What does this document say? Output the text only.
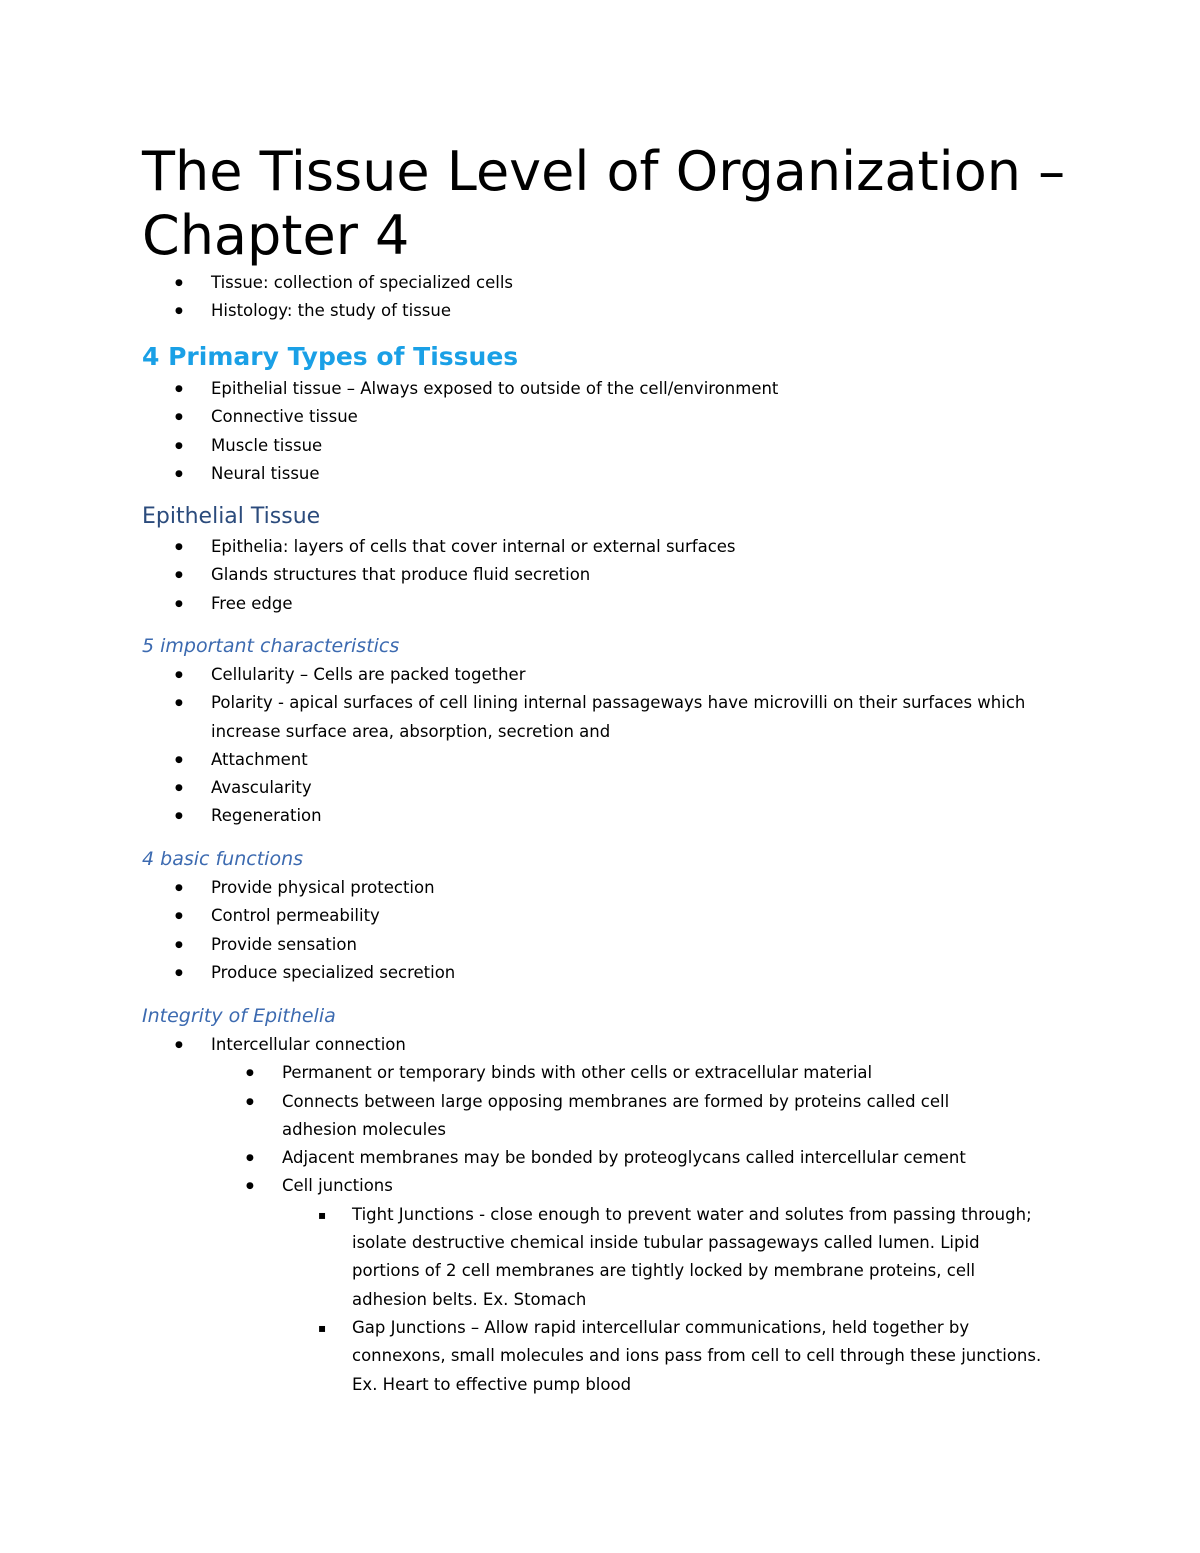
The Tissue Level of Organization – Chapter 4
● Tissue: collection of specialized cells
● Histology: the study of tissue
4 Primary Types of Tissues
● Epithelial tissue – Always exposed to outside of the cell/environment
● Connective tissue
● Muscle tissue
● Neural tissue
Epithelial Tissue
● Epithelia: layers of cells that cover internal or external surfaces
● Glands structures that produce fluid secretion
● Free edge
5 important characteristics
● Cellularity – Cells are packed together
● Polarity - apical surfaces of cell lining internal passageways have microvilli on their surfaces which increase surface area, absorption, secretion and
● Attachment
● Avascularity
● Regeneration
4 basic functions
● Provide physical protection
● Control permeability
● Provide sensation
● Produce specialized secretion
Integrity of Epithelia
● Intercellular connection
● Permanent or temporary binds with other cells or extracellular material
● Connects between large opposing membranes are formed by proteins called cell adhesion molecules
● Adjacent membranes may be bonded by proteoglycans called intercellular cement
● Cell junctions
▪ Tight Junctions - close enough to prevent water and solutes from passing through; isolate destructive chemical inside tubular passageways called lumen. Lipid portions of 2 cell membranes are tightly locked by membrane proteins, cell adhesion belts. Ex. Stomach
▪ Gap Junctions – Allow rapid intercellular communications, held together by connexons, small molecules and ions pass from cell to cell through these junctions. Ex. Heart to effective pump blood
